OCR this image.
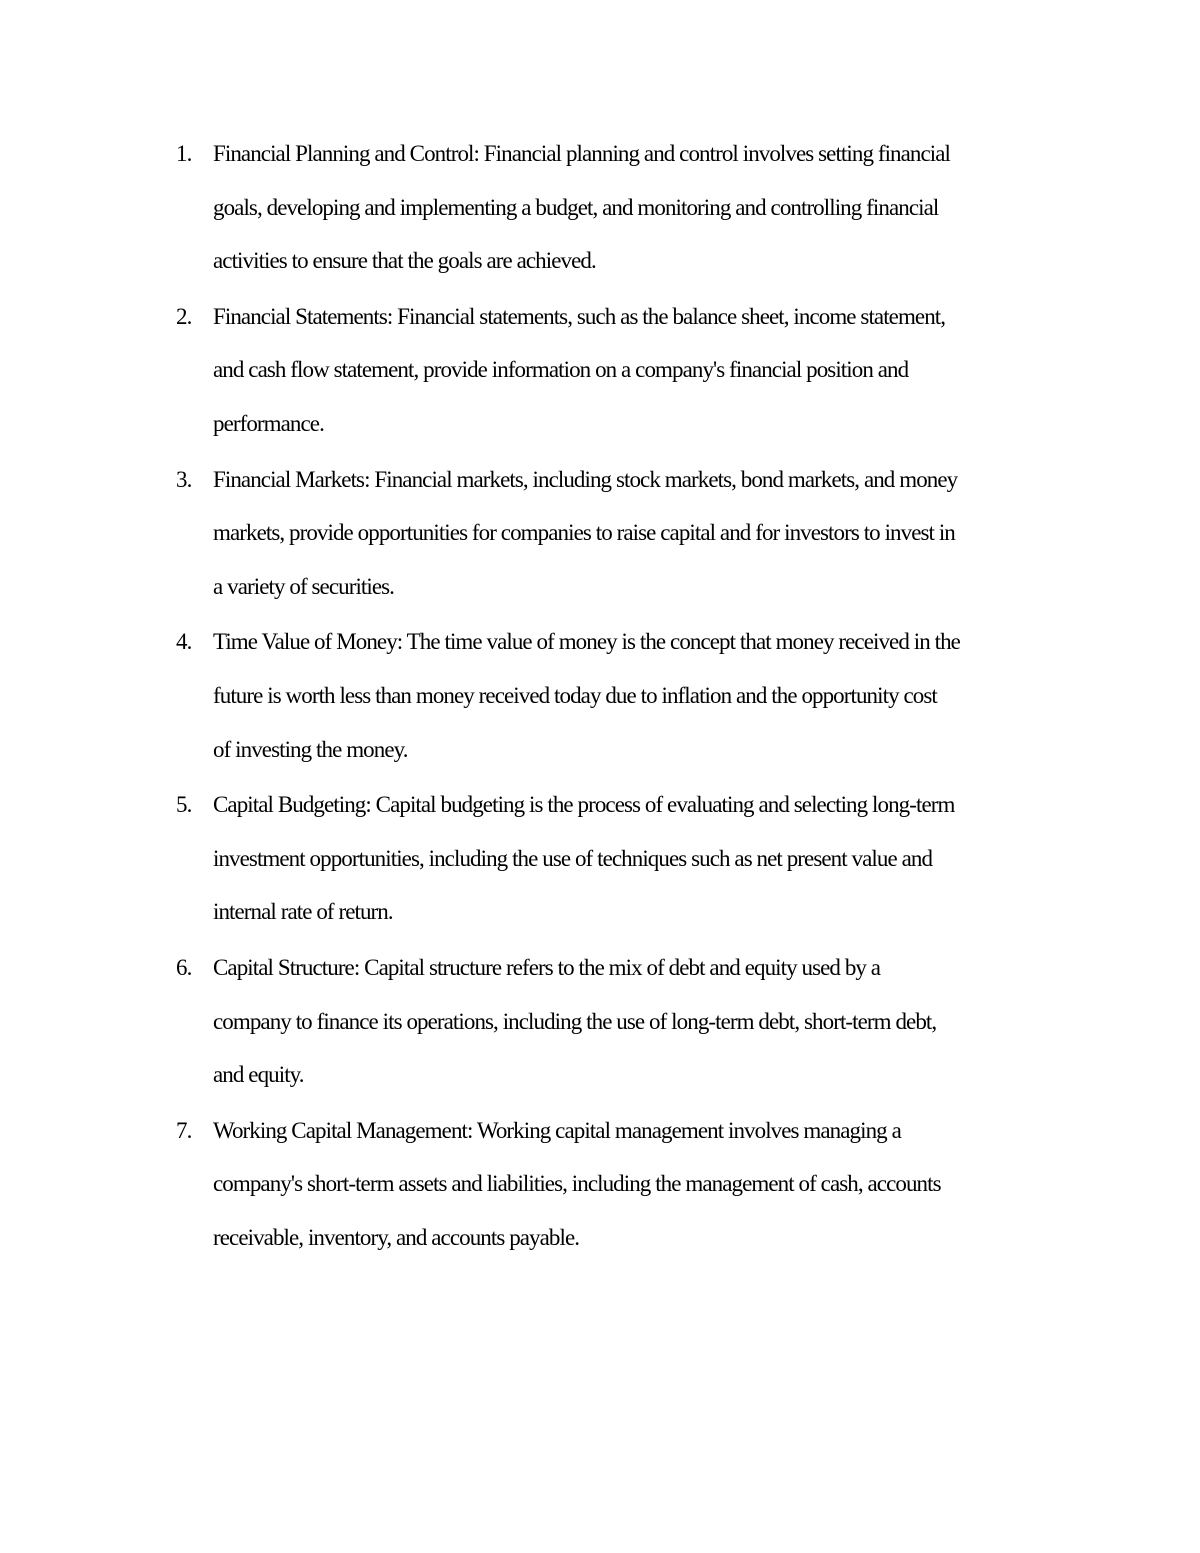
1. Financial Planning and Control: Financial planning and control involves setting financial
goals, developing and implementing a budget, and monitoring and controlling financial
activities to ensure that the goals are achieved.
2. Financial Statements: Financial statements, such as the balance sheet, income statement,
and cash flow statement, provide information on a company's financial position and
performance.
3. Financial Markets: Financial markets, including stock markets, bond markets, and money
markets, provide opportunities for companies to raise capital and for investors to invest in
a variety of securities.
4. Time Value of Money: The time value of money is the concept that money received in the
future is worth less than money received today due to inflation and the opportunity cost
of investing the money.
5. Capital Budgeting: Capital budgeting is the process of evaluating and selecting long-term
investment opportunities, including the use of techniques such as net present value and
internal rate of return.
6. Capital Structure: Capital structure refers to the mix of debt and equity used by a
company to finance its operations, including the use of long-term debt, short-term debt,
and equity.
7. Working Capital Management: Working capital management involves managing a
company's short-term assets and liabilities, including the management of cash, accounts
receivable, inventory, and accounts payable.
